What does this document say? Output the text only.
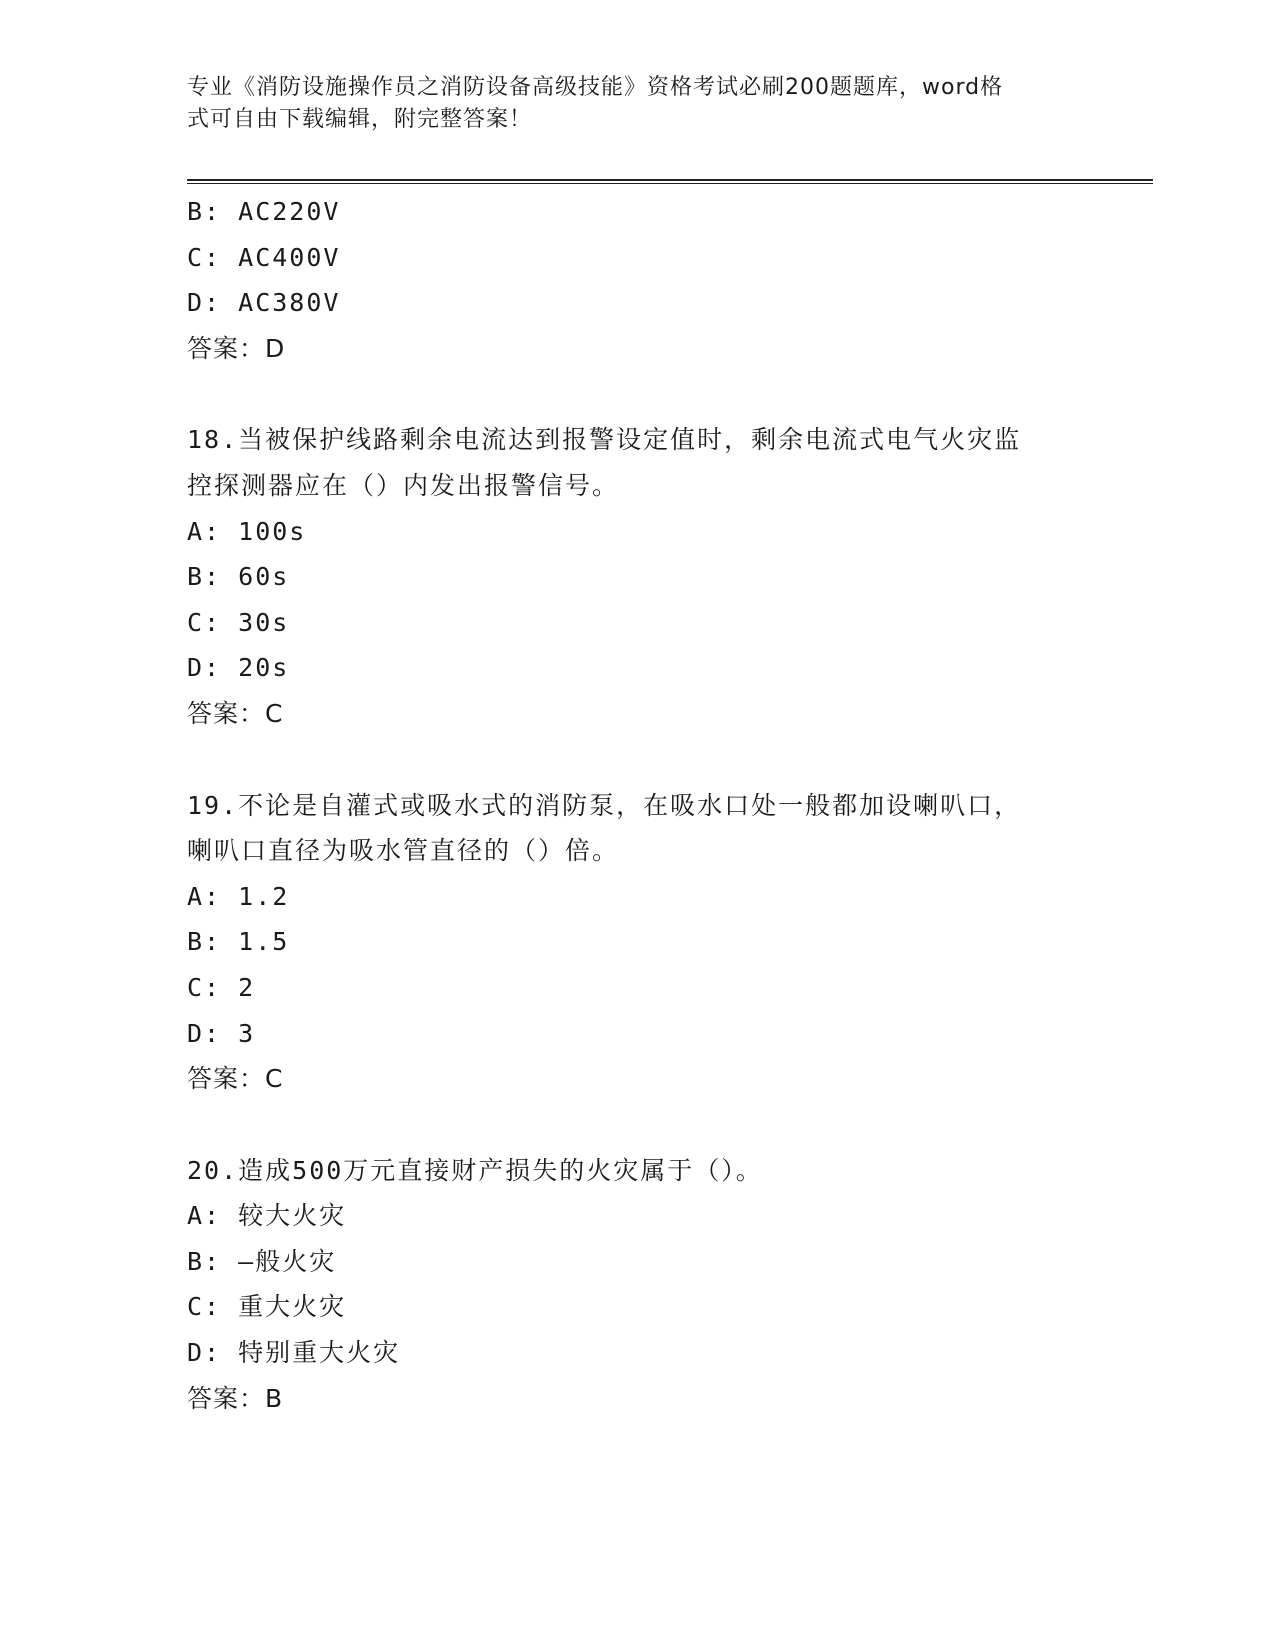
专业《消防设施操作员之消防设备高级技能》资格考试必刷200题题库，word格
式可自由下载编辑，附完整答案！
B: AC220V
C: AC400V
D: AC380V
答案：D
18.当被保护线路剩余电流达到报警设定值时，剩余电流式电气火灾监
控探测器应在（）内发出报警信号。
A: 100s
B: 60s
C: 30s
D: 20s
答案：C
19.不论是自灌式或吸水式的消防泵，在吸水口处一般都加设喇叭口，
喇叭口直径为吸水管直径的（）倍。
A: 1.2
B: 1.5
C: 2
D: 3
答案：C
20.造成500万元直接财产损失的火灾属于（）。
A: 较大火灾
B: —般火灾
C: 重大火灾
D: 特别重大火灾
答案：B
